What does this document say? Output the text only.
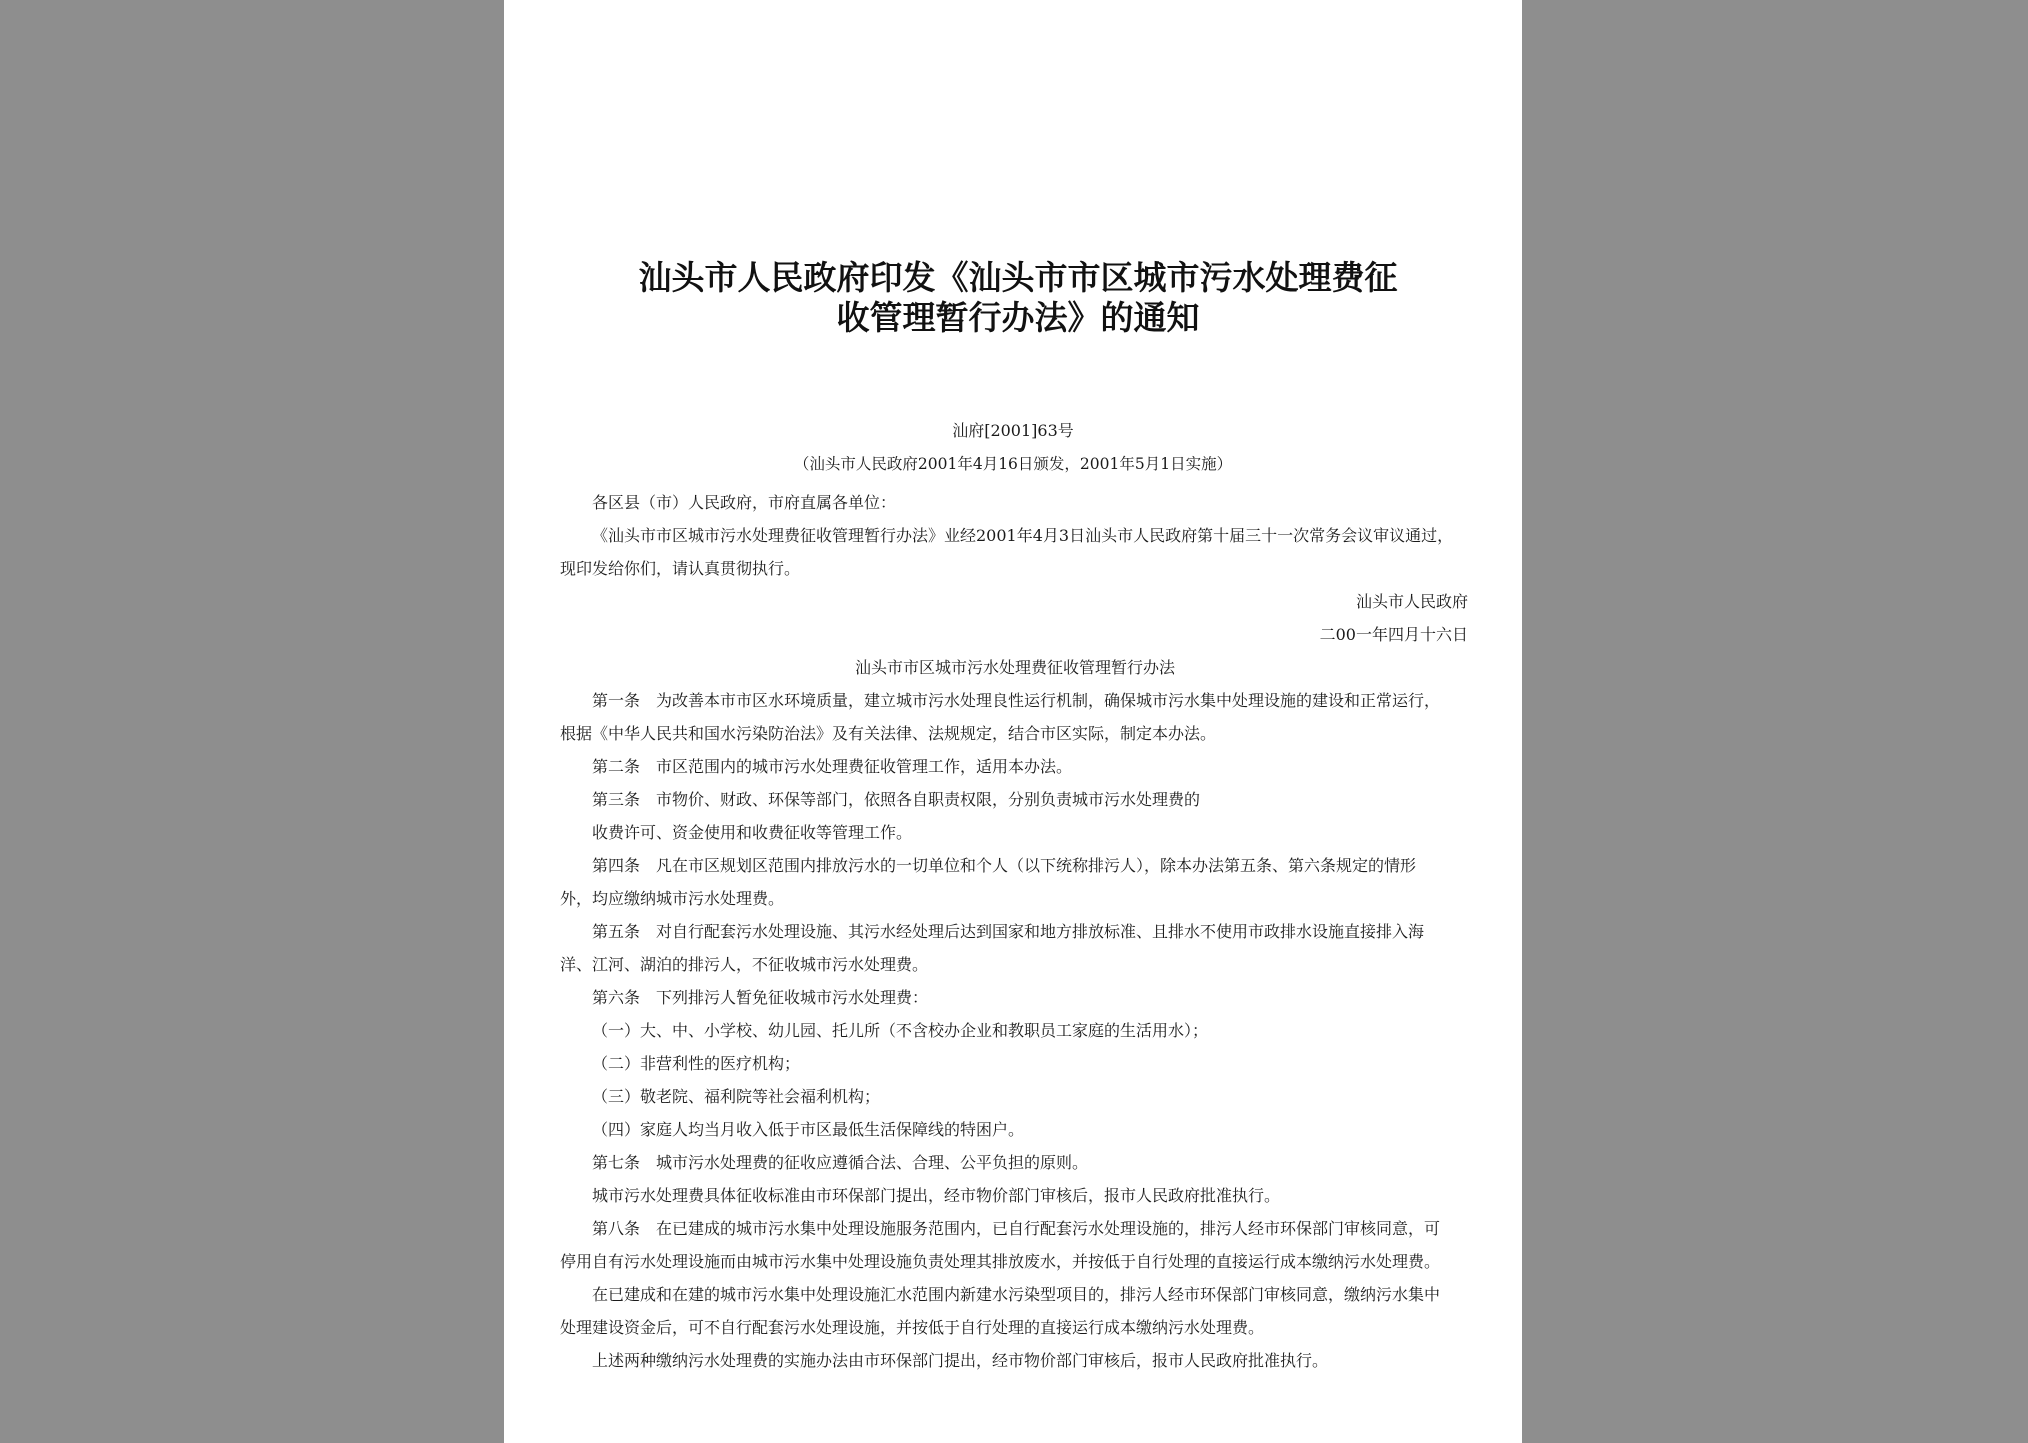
汕头市人民政府印发《汕头市市区城市污水处理费征
收管理暂行办法》的通知
汕府[2001]63号
（汕头市人民政府2001年4月16日颁发，2001年5月1日实施）

各区县（市）人民政府，市府直属各单位：

《汕头市市区城市污水处理费征收管理暂行办法》业经2001年4月3日汕头市人民政府第十届三十一次常务会议审议通过，

现印发给你们，请认真贯彻执行。

汕头市人民政府

二00一年四月十六日

汕头市市区城市污水处理费征收管理暂行办法

第一条　为改善本市市区水环境质量，建立城市污水处理良性运行机制，确保城市污水集中处理设施的建设和正常运行，

根据《中华人民共和国水污染防治法》及有关法律、法规规定，结合市区实际，制定本办法。

第二条　市区范围内的城市污水处理费征收管理工作，适用本办法。

第三条　市物价、财政、环保等部门，依照各自职责权限，分别负责城市污水处理费的

收费许可、资金使用和收费征收等管理工作。

第四条　凡在市区规划区范围内排放污水的一切单位和个人（以下统称排污人），除本办法第五条、第六条规定的情形

外，均应缴纳城市污水处理费。

第五条　对自行配套污水处理设施、其污水经处理后达到国家和地方排放标准、且排水不使用市政排水设施直接排入海

洋、江河、湖泊的排污人，不征收城市污水处理费。

第六条　下列排污人暂免征收城市污水处理费：

（一）大、中、小学校、幼儿园、托儿所（不含校办企业和教职员工家庭的生活用水）；

（二）非营利性的医疗机构；

（三）敬老院、福利院等社会福利机构；

（四）家庭人均当月收入低于市区最低生活保障线的特困户。

第七条　城市污水处理费的征收应遵循合法、合理、公平负担的原则。

城市污水处理费具体征收标准由市环保部门提出，经市物价部门审核后，报市人民政府批准执行。

第八条　在已建成的城市污水集中处理设施服务范围内，已自行配套污水处理设施的，排污人经市环保部门审核同意，可

停用自有污水处理设施而由城市污水集中处理设施负责处理其排放废水，并按低于自行处理的直接运行成本缴纳污水处理费。

在已建成和在建的城市污水集中处理设施汇水范围内新建水污染型项目的，排污人经市环保部门审核同意，缴纳污水集中

处理建设资金后，可不自行配套污水处理设施，并按低于自行处理的直接运行成本缴纳污水处理费。

上述两种缴纳污水处理费的实施办法由市环保部门提出，经市物价部门审核后，报市人民政府批准执行。
